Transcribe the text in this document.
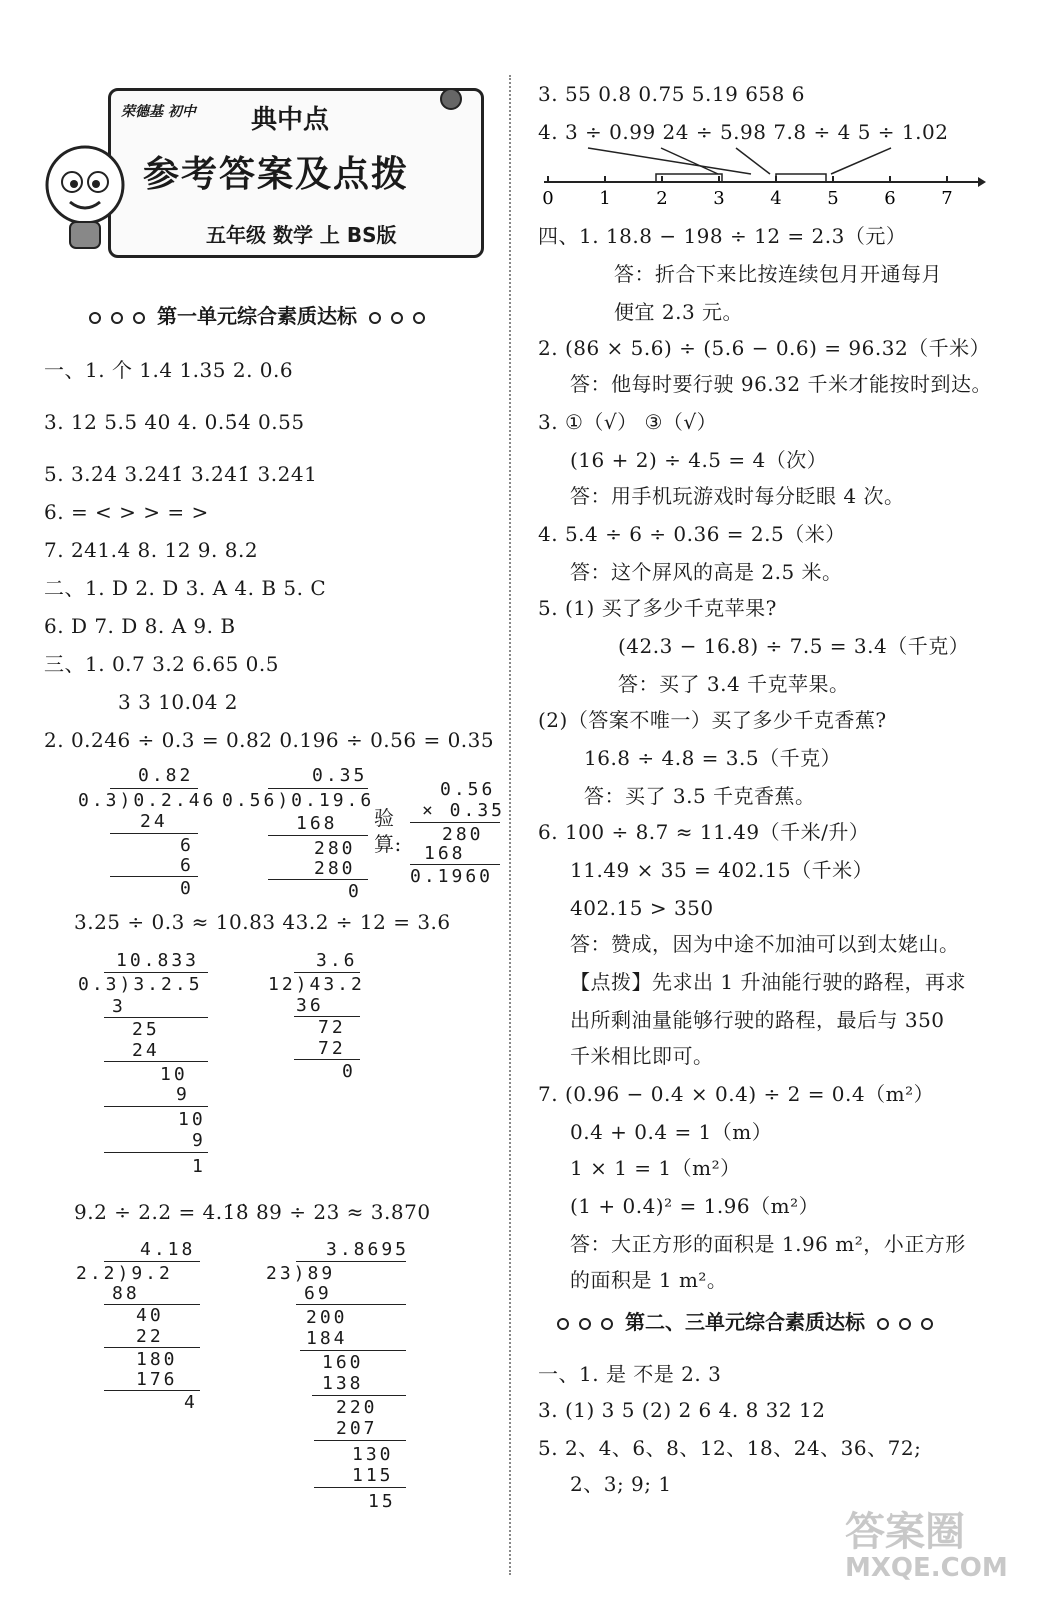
荣德基 初中 典中点
参考答案及点拨
五年级 数学 上 BS版
第一单元综合素质达标
一、1. 个 1.4 1.35 2. 0.6
3. 12 5.5 40 4. 0.5̇4̇ 0.55
5. 3.2̇4̇ 3.24̇1̇ 3.2̇41̇ 3.241
6. = < > > = >
7. 241.4 8. 12 9. 8.2
二、1. D 2. D 3. A 4. B 5. C
6. D 7. D 8. A 9. B
三、1. 0.7 3.2 6.65 0.5
3 3 10.04 2
2. 0.246 ÷ 0.3 = 0.82 0.196 ÷ 0.56 = 0.35
0.82
0.3)0.2.46
24
6
6
0
0.35
0.56)0.19.6
168
280
280
0
验算:
0.56
× 0.35
280
168
0.1960
3.25 ÷ 0.3 ≈ 10.83 43.2 ÷ 12 = 3.6
10.833
0.3)3.2.5
3
25
24
10
9
10
9
1
3.6
12)43.2
36
72
72
0
9.2 ÷ 2.2 = 4.1̇8̇ 89 ÷ 23 ≈ 3.870
4.18
2.2)9.2
88
40
22
180
176
4
3.8695
23)89
69
200
184
160
138
220
207
130
115
15
3. 55 0.8 0.75 5.19 658 6
4. 3 ÷ 0.99 24 ÷ 5.98 7.8 ÷ 4 5 ÷ 1.02
0	1	2	3	4	5	6	7
四、1. 18.8 − 198 ÷ 12 = 2.3（元）
答：折合下来比按连续包月开通每月
便宜 2.3 元。
2. (86 × 5.6) ÷ (5.6 − 0.6) = 96.32（千米）
答：他每时要行驶 96.32 千米才能按时到达。
3. ①（√） ③（√）
(16 + 2) ÷ 4.5 = 4（次）
答：用手机玩游戏时每分眨眼 4 次。
4. 5.4 ÷ 6 ÷ 0.36 = 2.5（米）
答：这个屏风的高是 2.5 米。
5. (1) 买了多少千克苹果?
(42.3 − 16.8) ÷ 7.5 = 3.4（千克）
答：买了 3.4 千克苹果。
(2)（答案不唯一）买了多少千克香蕉?
16.8 ÷ 4.8 = 3.5（千克）
答：买了 3.5 千克香蕉。
6. 100 ÷ 8.7 ≈ 11.49（千米/升）
11.49 × 35 = 402.15（千米）
402.15 > 350
答：赞成，因为中途不加油可以到太姥山。
【点拨】先求出 1 升油能行驶的路程，再求
出所剩油量能够行驶的路程，最后与 350
千米相比即可。
7. (0.96 − 0.4 × 0.4) ÷ 2 = 0.4（m²）
0.4 + 0.4 = 1（m）
1 × 1 = 1（m²）
(1 + 0.4)² = 1.96（m²）
答：大正方形的面积是 1.96 m²，小正方形
的面积是 1 m²。
第二、三单元综合素质达标
一、1. 是 不是 2. 3
3. (1) 3 5 (2) 2 6 4. 8 32 12
5. 2、4、6、8、12、18、24、36、72;
2、3; 9; 1
答案圈
MXQE.COM
